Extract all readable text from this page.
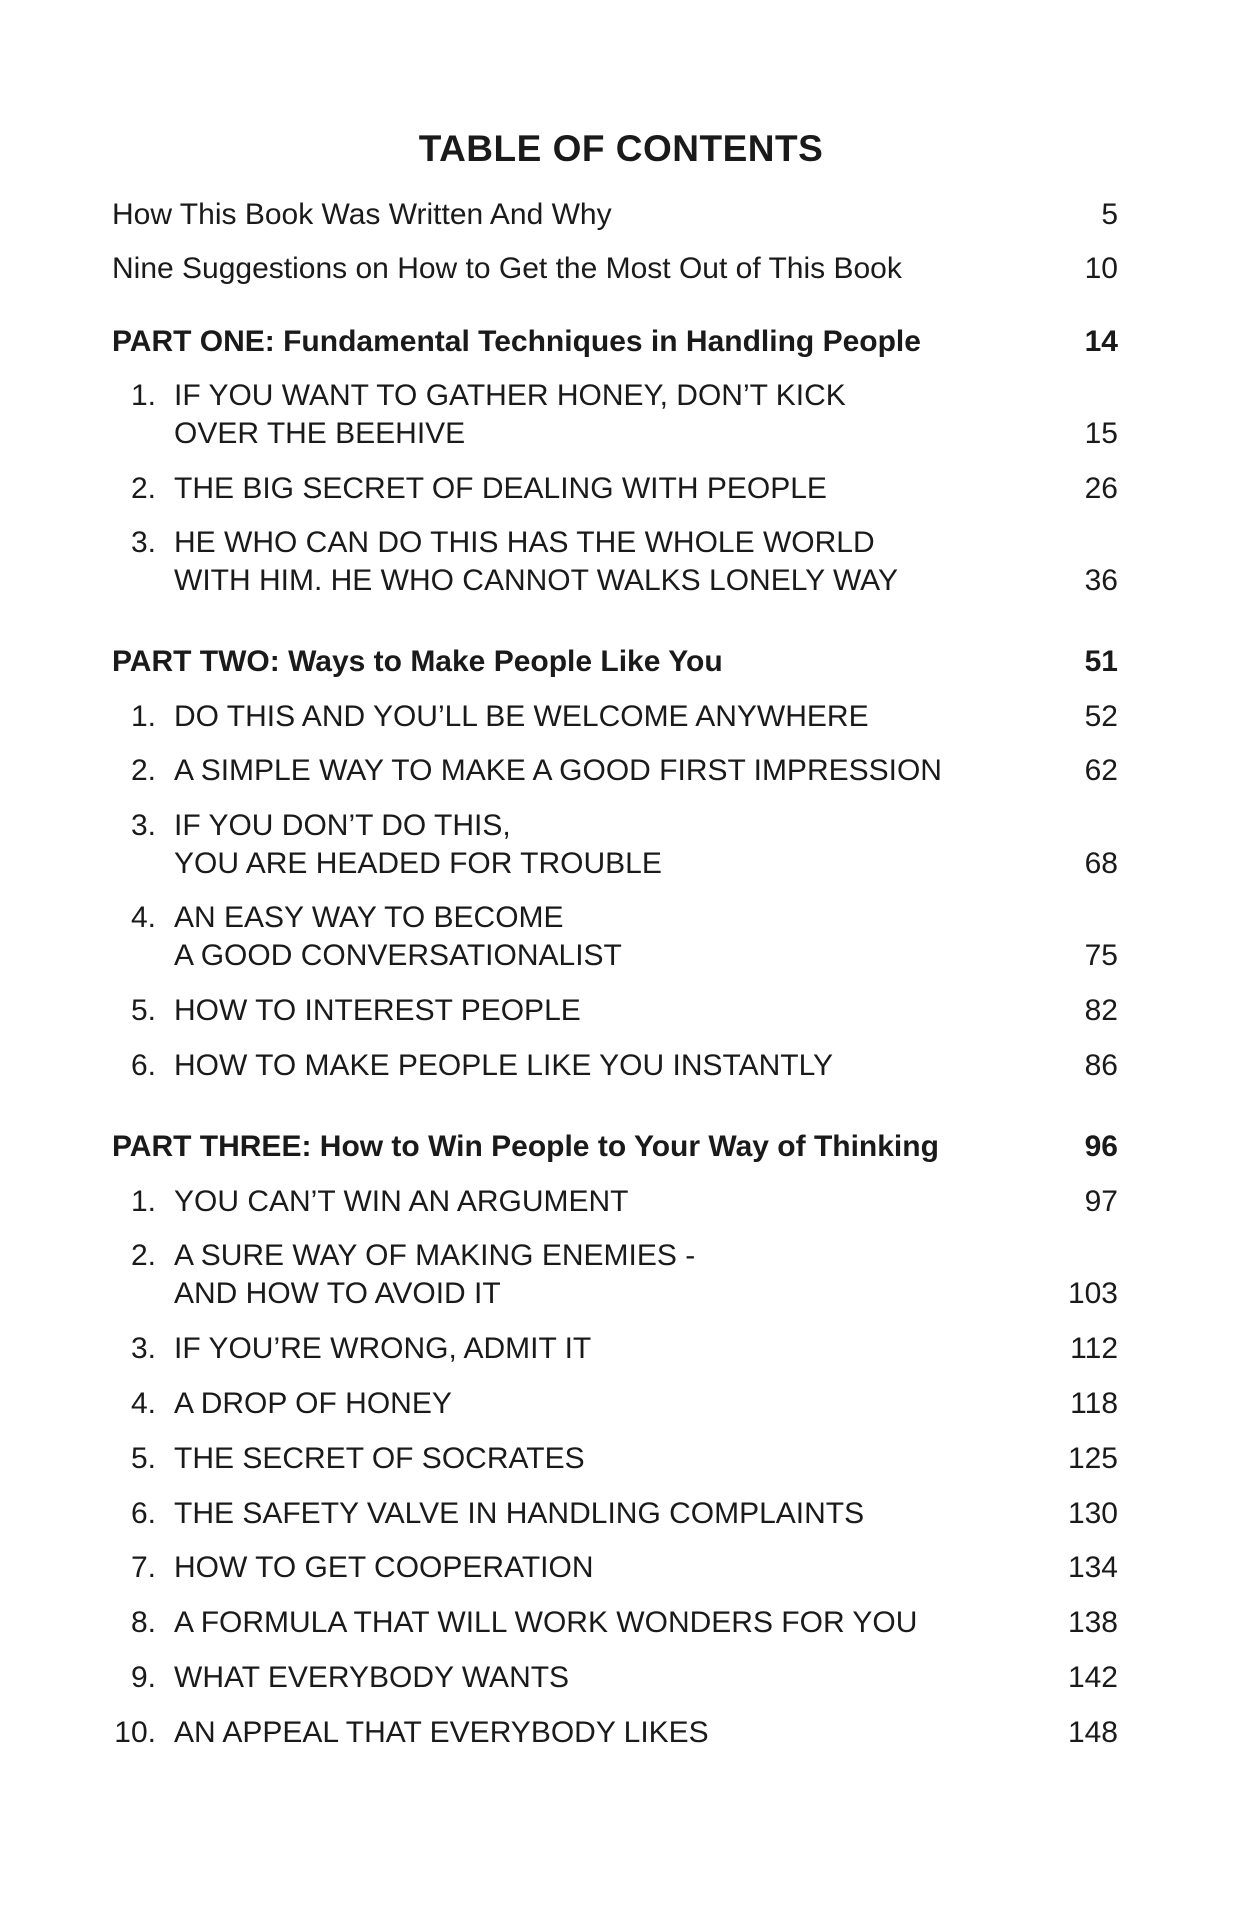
TABLE OF CONTENTS
How This Book Was Written And Why	5
Nine Suggestions on How to Get the Most Out of This Book	10
PART ONE: Fundamental Techniques in Handling People	14
1. IF YOU WANT TO GATHER HONEY, DON’T KICK
OVER THE BEEHIVE	15
2. THE BIG SECRET OF DEALING WITH PEOPLE	26
3. HE WHO CAN DO THIS HAS THE WHOLE WORLD
WITH HIM. HE WHO CANNOT WALKS LONELY WAY	36
PART TWO: Ways to Make People Like You	51
1. DO THIS AND YOU’LL BE WELCOME ANYWHERE	52
2. A SIMPLE WAY TO MAKE A GOOD FIRST IMPRESSION	62
3. IF YOU DON’T DO THIS,
YOU ARE HEADED FOR TROUBLE	68
4. AN EASY WAY TO BECOME
A GOOD CONVERSATIONALIST	75
5. HOW TO INTEREST PEOPLE	82
6. HOW TO MAKE PEOPLE LIKE YOU INSTANTLY	86
PART THREE: How to Win People to Your Way of Thinking	96
1. YOU CAN’T WIN AN ARGUMENT	97
2. A SURE WAY OF MAKING ENEMIES -
AND HOW TO AVOID IT	103
3. IF YOU’RE WRONG, ADMIT IT	112
4. A DROP OF HONEY	118
5. THE SECRET OF SOCRATES	125
6. THE SAFETY VALVE IN HANDLING COMPLAINTS	130
7. HOW TO GET COOPERATION	134
8. A FORMULA THAT WILL WORK WONDERS FOR YOU	138
9. WHAT EVERYBODY WANTS	142
10. AN APPEAL THAT EVERYBODY LIKES	148
